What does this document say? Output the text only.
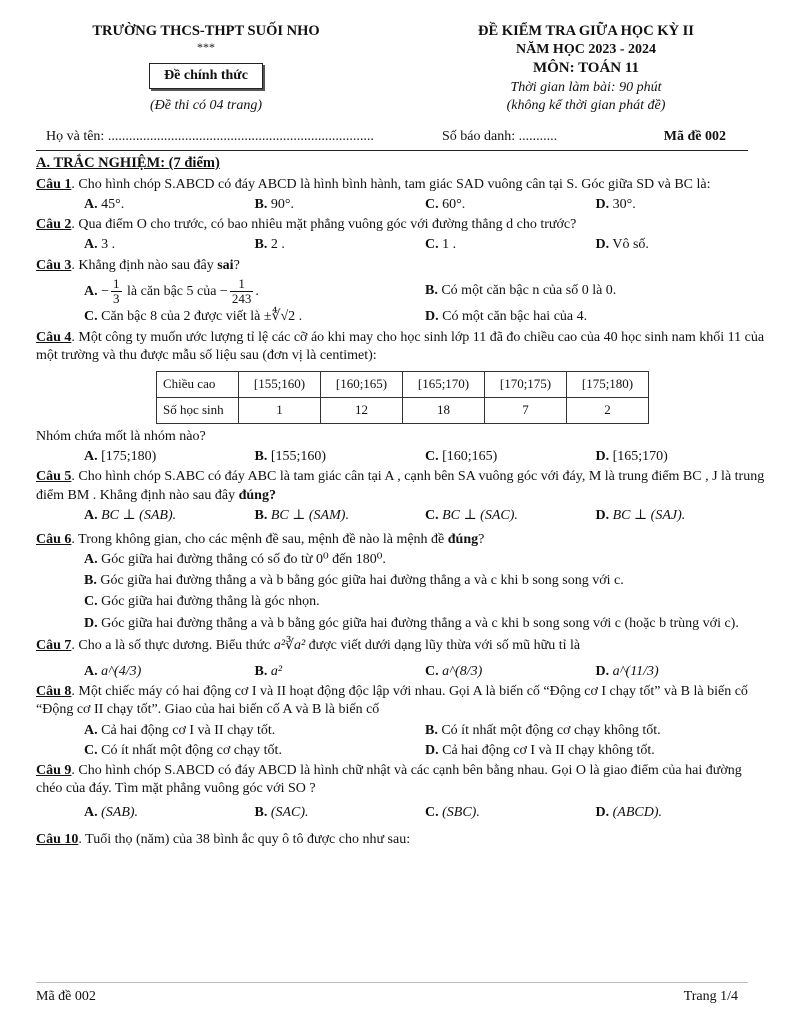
TRƯỜNG THCS-THPT SUỐI NHO
***
Đề chính thức
(Đề thi có 04 trang)
ĐỀ KIỂM TRA GIỮA HỌC KỲ II
NĂM HỌC 2023 - 2024
MÔN: TOÁN 11
Thời gian làm bài: 90 phút
(không kể thời gian phát đề)
Họ và tên: ............................................................................	Số báo danh: ...........	Mã đề 002
A. TRẮC NGHIỆM: (7 điểm)
Câu 1. Cho hình chóp S.ABCD có đáy ABCD là hình bình hành, tam giác SAD vuông cân tại S. Góc giữa SD và BC là:
A. 45°.	B. 90°.	C. 60°.	D. 30°.
Câu 2. Qua điểm O cho trước, có bao nhiêu mặt phẳng vuông góc với đường thẳng d cho trước?
A. 3 .	B. 2 .	C. 1 .	D. Vô số.
Câu 3. Khẳng định nào sau đây sai?
A. − $\frac{1}{3}$ là căn bậc 5 của − $\frac{1}{243}$ .	B. Có một căn bậc n của số 0 là 0.
C. Căn bậc 8 của 2 được viết là ±∜√2 .	D. Có một căn bậc hai của 4.
Câu 4. Một công ty muốn ước lượng tỉ lệ các cỡ áo khi may cho học sinh lớp 11 đã đo chiều cao của 40 học sinh nam khối 11 của một trường và thu được mẫu số liệu sau (đơn vị là centimet):
Chiều cao	[155;160)	[160;165)	[165;170)	[170;175)	[175;180)
Số học sinh	1	12	18	7	2
Nhóm chứa mốt là nhóm nào?
A. [175;180)	B. [155;160)	C. [160;165)	D. [165;170)
Câu 5. Cho hình chóp S.ABC có đáy ABC là tam giác cân tại A , cạnh bên SA vuông góc với đáy, M là trung điểm BC , J là trung điểm BM . Khẳng định nào sau đây đúng?
A. BC ⊥ (SAB).	B. BC ⊥ (SAM).	C. BC ⊥ (SAC).	D. BC ⊥ (SAJ).
Câu 6. Trong không gian, cho các mệnh đề sau, mệnh đề nào là mệnh đề đúng?
A. Góc giữa hai đường thẳng có số đo từ 0⁰ đến 180⁰.
B. Góc giữa hai đường thẳng a và b bằng góc giữa hai đường thẳng a và c khi b song song với c.
C. Góc giữa hai đường thẳng là góc nhọn.
D. Góc giữa hai đường thẳng a và b bằng góc giữa hai đường thẳng a và c khi b song song với c (hoặc b trùng với c).
Câu 7. Cho a là số thực dương. Biểu thức a²∛a² được viết dưới dạng lũy thừa với số mũ hữu tỉ là
A. a^(4/3)	B. a²	C. a^(8/3)	D. a^(11/3)
Câu 8. Một chiếc máy có hai động cơ I và II hoạt động độc lập với nhau. Gọi A là biến cố “Động cơ I chạy tốt” và B là biến cố “Động cơ II chạy tốt”. Giao của hai biến cố A và B là biến cố
A. Cả hai động cơ I và II chạy tốt.	B. Có ít nhất một động cơ chạy không tốt.
C. Có ít nhất một động cơ chạy tốt.	D. Cả hai động cơ I và II chạy không tốt.
Câu 9. Cho hình chóp S.ABCD có đáy ABCD là hình chữ nhật và các cạnh bên bằng nhau. Gọi O là giao điểm của hai đường chéo của đáy. Tìm mặt phẳng vuông góc với SO ?
A. (SAB).	B. (SAC).	C. (SBC).	D. (ABCD).
Câu 10. Tuổi thọ (năm) của 38 bình ắc quy ô tô được cho như sau:
Mã đề 002	Trang 1/4
